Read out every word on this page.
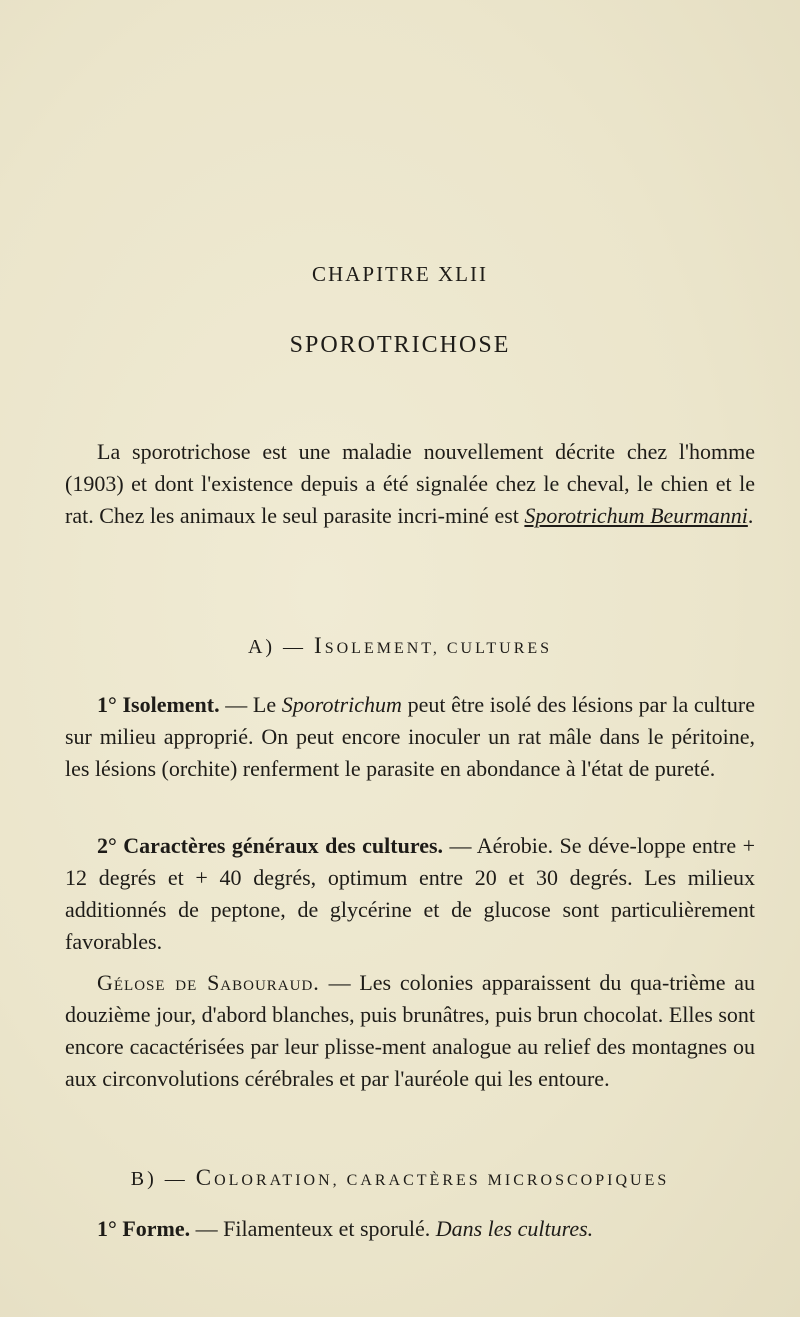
CHAPITRE XLII
SPOROTRICHOSE

La sporotrichose est une maladie nouvellement décrite chez l'homme (1903) et dont l'existence depuis a été signalée chez le cheval, le chien et le rat. Chez les animaux le seul parasite incri-miné est Sporotrichum Beurmanni.

A) — ISOLEMENT, CULTURES

1° Isolement. — Le Sporotrichum peut être isolé des lésions par la culture sur milieu approprié. On peut encore inoculer un rat mâle dans le péritoine, les lésions (orchite) renferment le parasite en abondance à l'état de pureté.

2° Caractères généraux des cultures. — Aérobie. Se déve-loppe entre + 12 degrés et + 40 degrés, optimum entre 20 et 30 degrés. Les milieux additionnés de peptone, de glycérine et de glucose sont particulièrement favorables.

Gélose de Sabouraud. — Les colonies apparaissent du qua-trième au douzième jour, d'abord blanches, puis brunâtres, puis brun chocolat. Elles sont encore cacactérisées par leur plisse-ment analogue au relief des montagnes ou aux circonvolutions cérébrales et par l'auréole qui les entoure.

B) — COLORATION, CARACTÈRES MICROSCOPIQUES
1° Forme. — Filamenteux et sporulé. Dans les cultures.
